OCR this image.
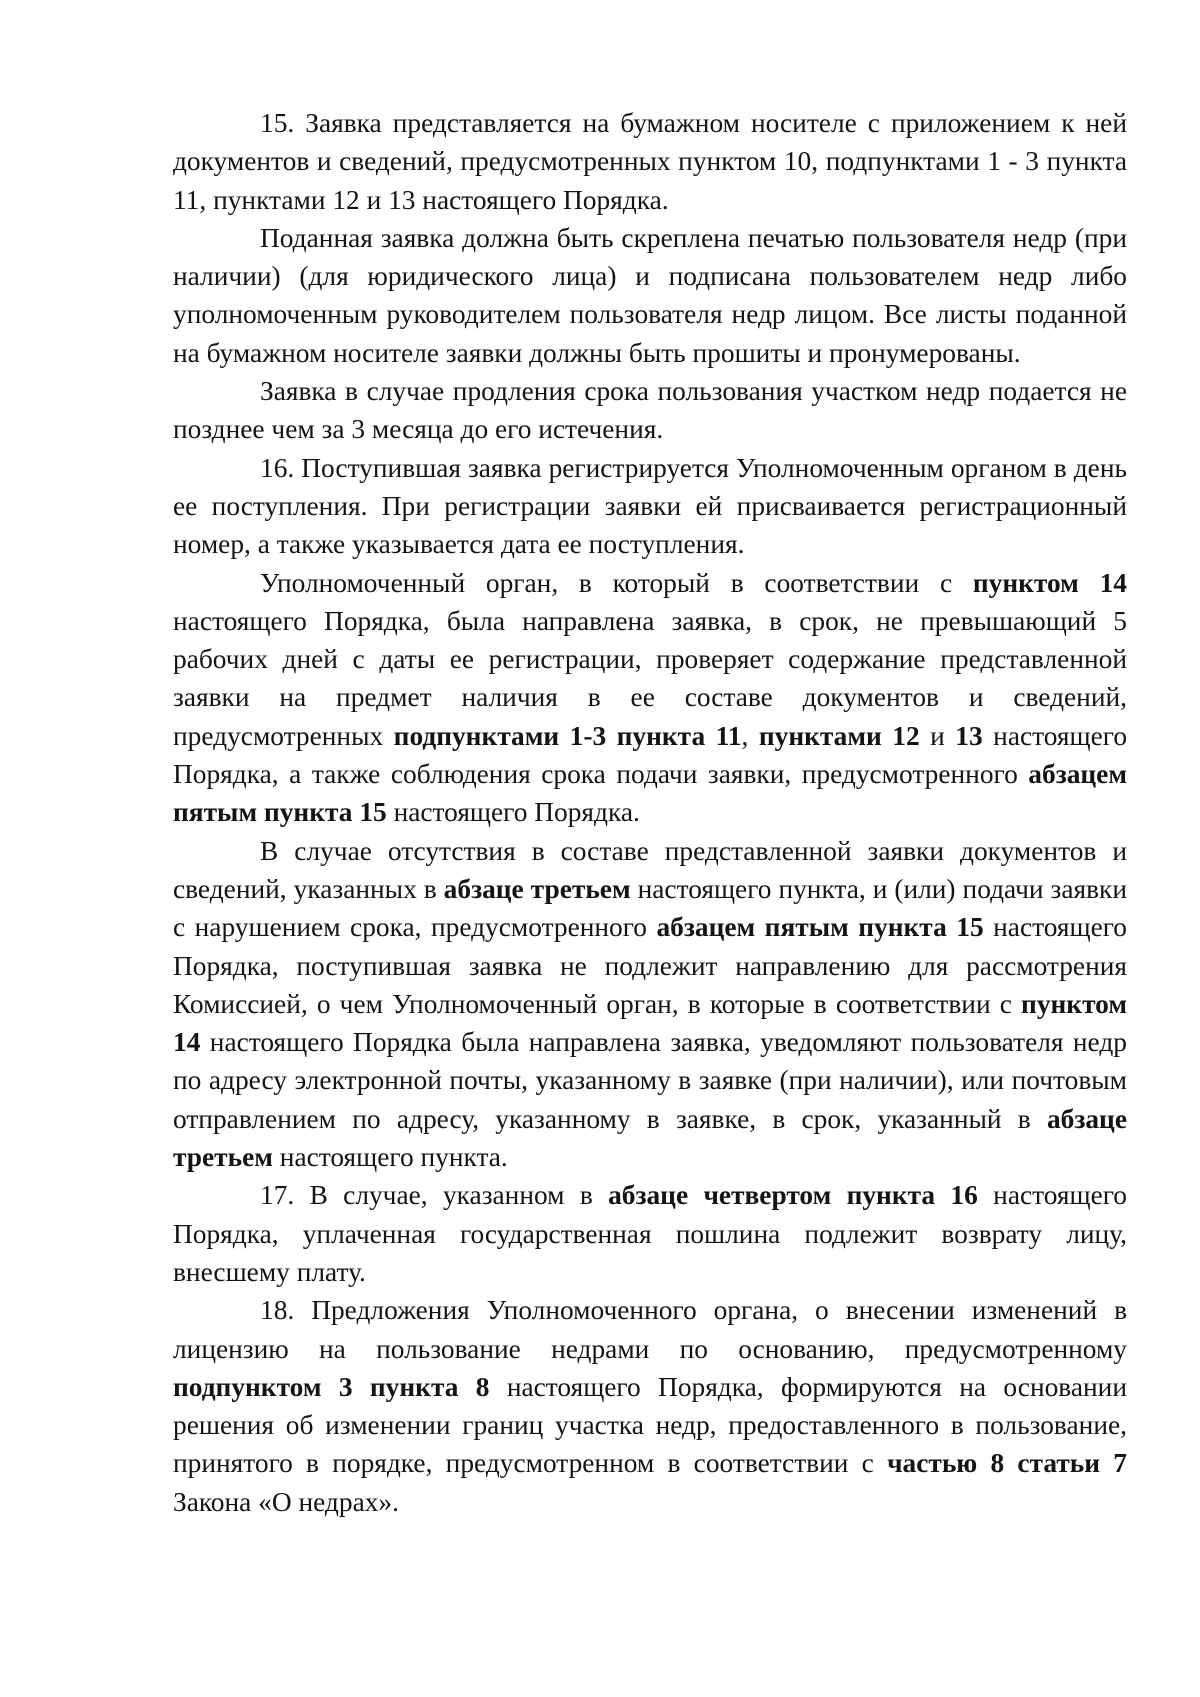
15. Заявка представляется на бумажном носителе с приложением к ней документов и сведений, предусмотренных пунктом 10, подпунктами 1 - 3 пункта 11, пунктами 12 и 13 настоящего Порядка.

Поданная заявка должна быть скреплена печатью пользователя недр (при наличии) (для юридического лица) и подписана пользователем недр либо уполномоченным руководителем пользователя недр лицом. Все листы поданной на бумажном носителе заявки должны быть прошиты и пронумерованы.

Заявка в случае продления срока пользования участком недр подается не позднее чем за 3 месяца до его истечения.

16. Поступившая заявка регистрируется Уполномоченным органом в день ее поступления. При регистрации заявки ей присваивается регистрационный номер, а также указывается дата ее поступления.

Уполномоченный орган, в который в соответствии с пунктом 14 настоящего Порядка, была направлена заявка, в срок, не превышающий 5 рабочих дней с даты ее регистрации, проверяет содержание представленной заявки на предмет наличия в ее составе документов и сведений, предусмотренных подпунктами 1-3 пункта 11, пунктами 12 и 13 настоящего Порядка, а также соблюдения срока подачи заявки, предусмотренного абзацем пятым пункта 15 настоящего Порядка.

В случае отсутствия в составе представленной заявки документов и сведений, указанных в абзаце третьем настоящего пункта, и (или) подачи заявки с нарушением срока, предусмотренного абзацем пятым пункта 15 настоящего Порядка, поступившая заявка не подлежит направлению для рассмотрения Комиссией, о чем Уполномоченный орган, в которые в соответствии с пунктом 14 настоящего Порядка была направлена заявка, уведомляют пользователя недр по адресу электронной почты, указанному в заявке (при наличии), или почтовым отправлением по адресу, указанному в заявке, в срок, указанный в абзаце третьем настоящего пункта.

17. В случае, указанном в абзаце четвертом пункта 16 настоящего Порядка, уплаченная государственная пошлина подлежит возврату лицу, внесшему плату.

18. Предложения Уполномоченного органа, о внесении изменений в лицензию на пользование недрами по основанию, предусмотренному подпунктом 3 пункта 8 настоящего Порядка, формируются на основании решения об изменении границ участка недр, предоставленного в пользование, принятого в порядке, предусмотренном в соответствии с частью 8 статьи 7 Закона «О недрах».
